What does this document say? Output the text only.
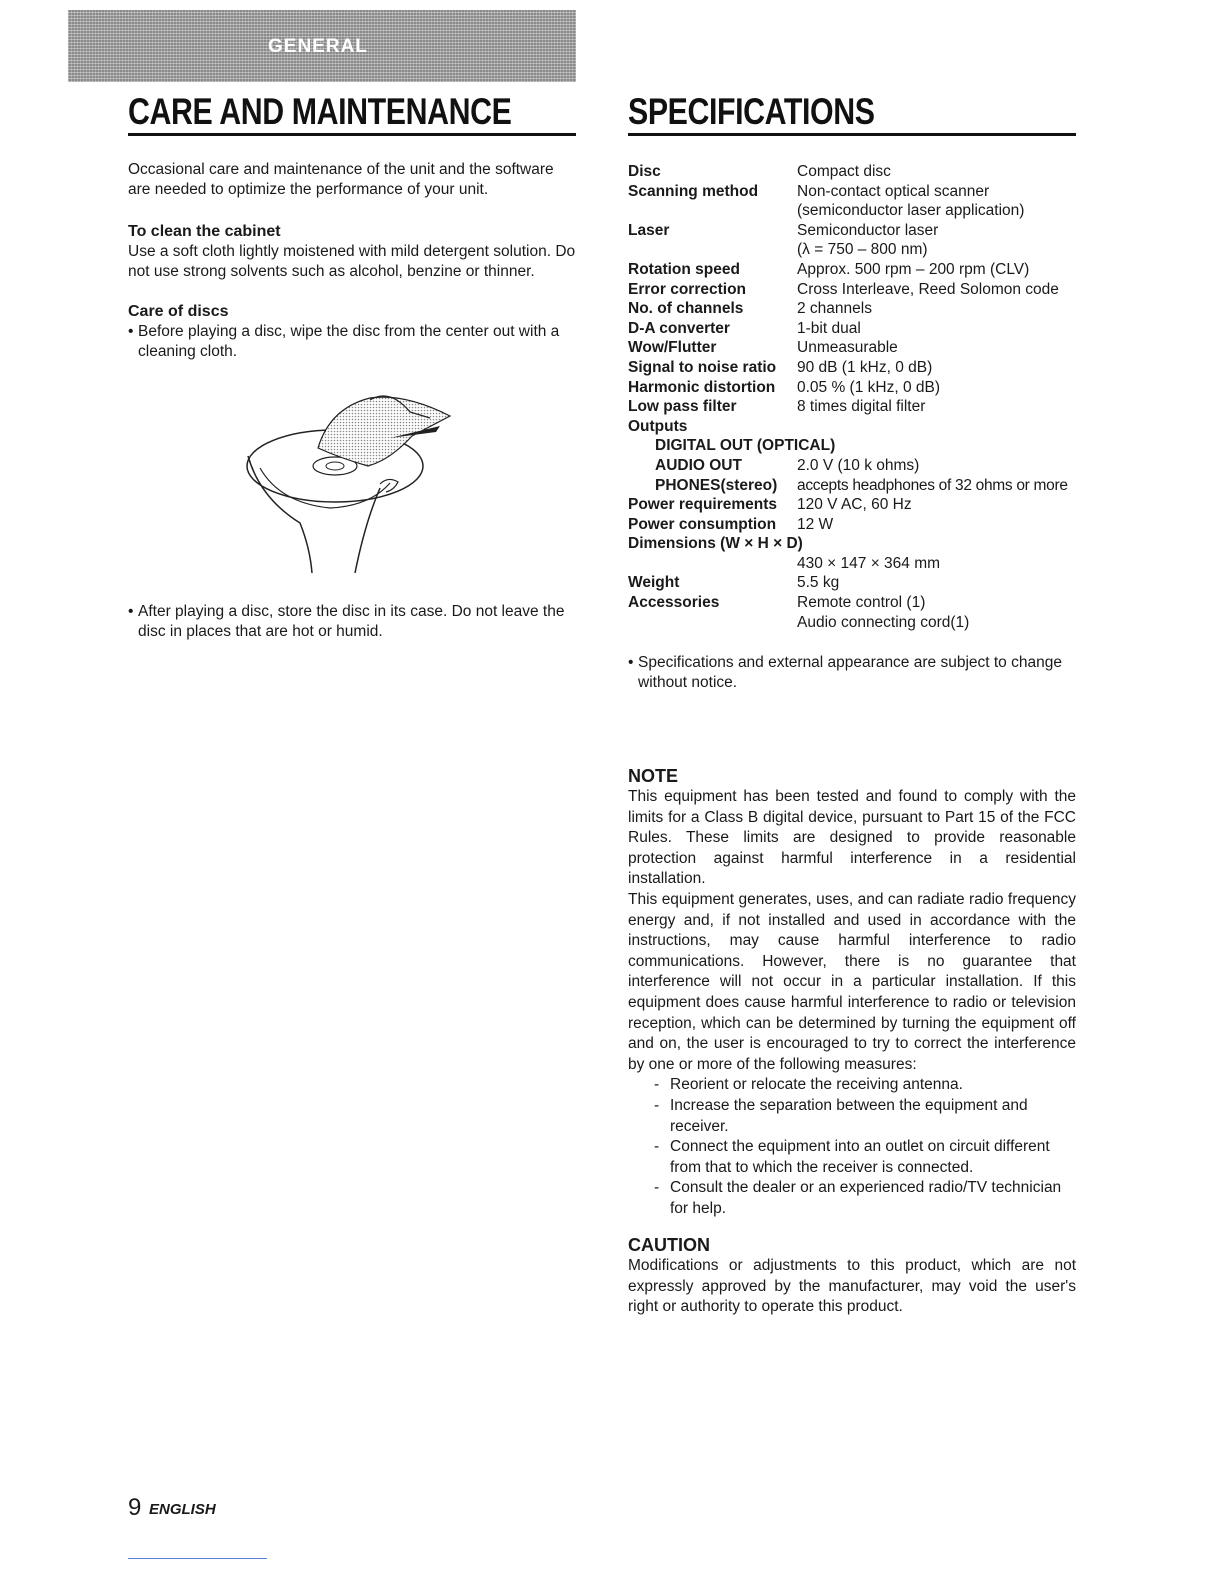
GENERAL
CARE AND MAINTENANCE	SPECIFICATIONS

Occasional care and maintenance of the unit and the software are needed to optimize the performance of your unit.

To clean the cabinet

Use a soft cloth lightly moistened with mild detergent solution. Do not use strong solvents such as alcohol, benzine or thinner.

Care of discs

• Before playing a disc, wipe the disc from the center out with a cleaning cloth.
• After playing a disc, store the disc in its case. Do not leave the disc in places that are hot or humid.
Disc	Compact disc
Scanning method	Non-contact optical scanner
(semiconductor laser application)
Laser	Semiconductor laser
(λ = 750 – 800 nm)
Rotation speed	Approx. 500 rpm – 200 rpm (CLV)
Error correction	Cross Interleave, Reed Solomon code
No. of channels	2 channels
D-A converter	1-bit dual
Wow/Flutter	Unmeasurable
Signal to noise ratio	90 dB (1 kHz, 0 dB)
Harmonic distortion	0.05 % (1 kHz, 0 dB)
Low pass filter	8 times digital filter
Outputs
DIGITAL OUT (OPTICAL)
AUDIO OUT	2.0 V (10 k ohms)
PHONES(stereo)	accepts headphones of 32 ohms or more
Power requirements	120 V AC, 60 Hz
Power consumption	12 W
Dimensions (W × H × D)
430 × 147 × 364 mm
Weight	5.5 kg
Accessories	Remote control (1)
Audio connecting cord(1)
• Specifications and external appearance are subject to change without notice.

NOTE

This equipment has been tested and found to comply with the limits for a Class B digital device, pursuant to Part 15 of the FCC Rules. These limits are designed to provide reasonable protection against harmful interference in a residential installation.

This equipment generates, uses, and can radiate radio frequency energy and, if not installed and used in accordance with the instructions, may cause harmful interference to radio communications. However, there is no guarantee that interference will not occur in a particular installation. If this equipment does cause harmful interference to radio or television reception, which can be determined by turning the equipment off and on, the user is encouraged to try to correct the interference by one or more of the following measures:

- Reorient or relocate the receiving antenna.
- Increase the separation between the equipment and receiver.
- Connect the equipment into an outlet on circuit different from that to which the receiver is connected.
- Consult the dealer or an experienced radio/TV technician for help.

CAUTION

Modifications or adjustments to this product, which are not expressly approved by the manufacturer, may void the user's right or authority to operate this product.

9 ENGLISH
